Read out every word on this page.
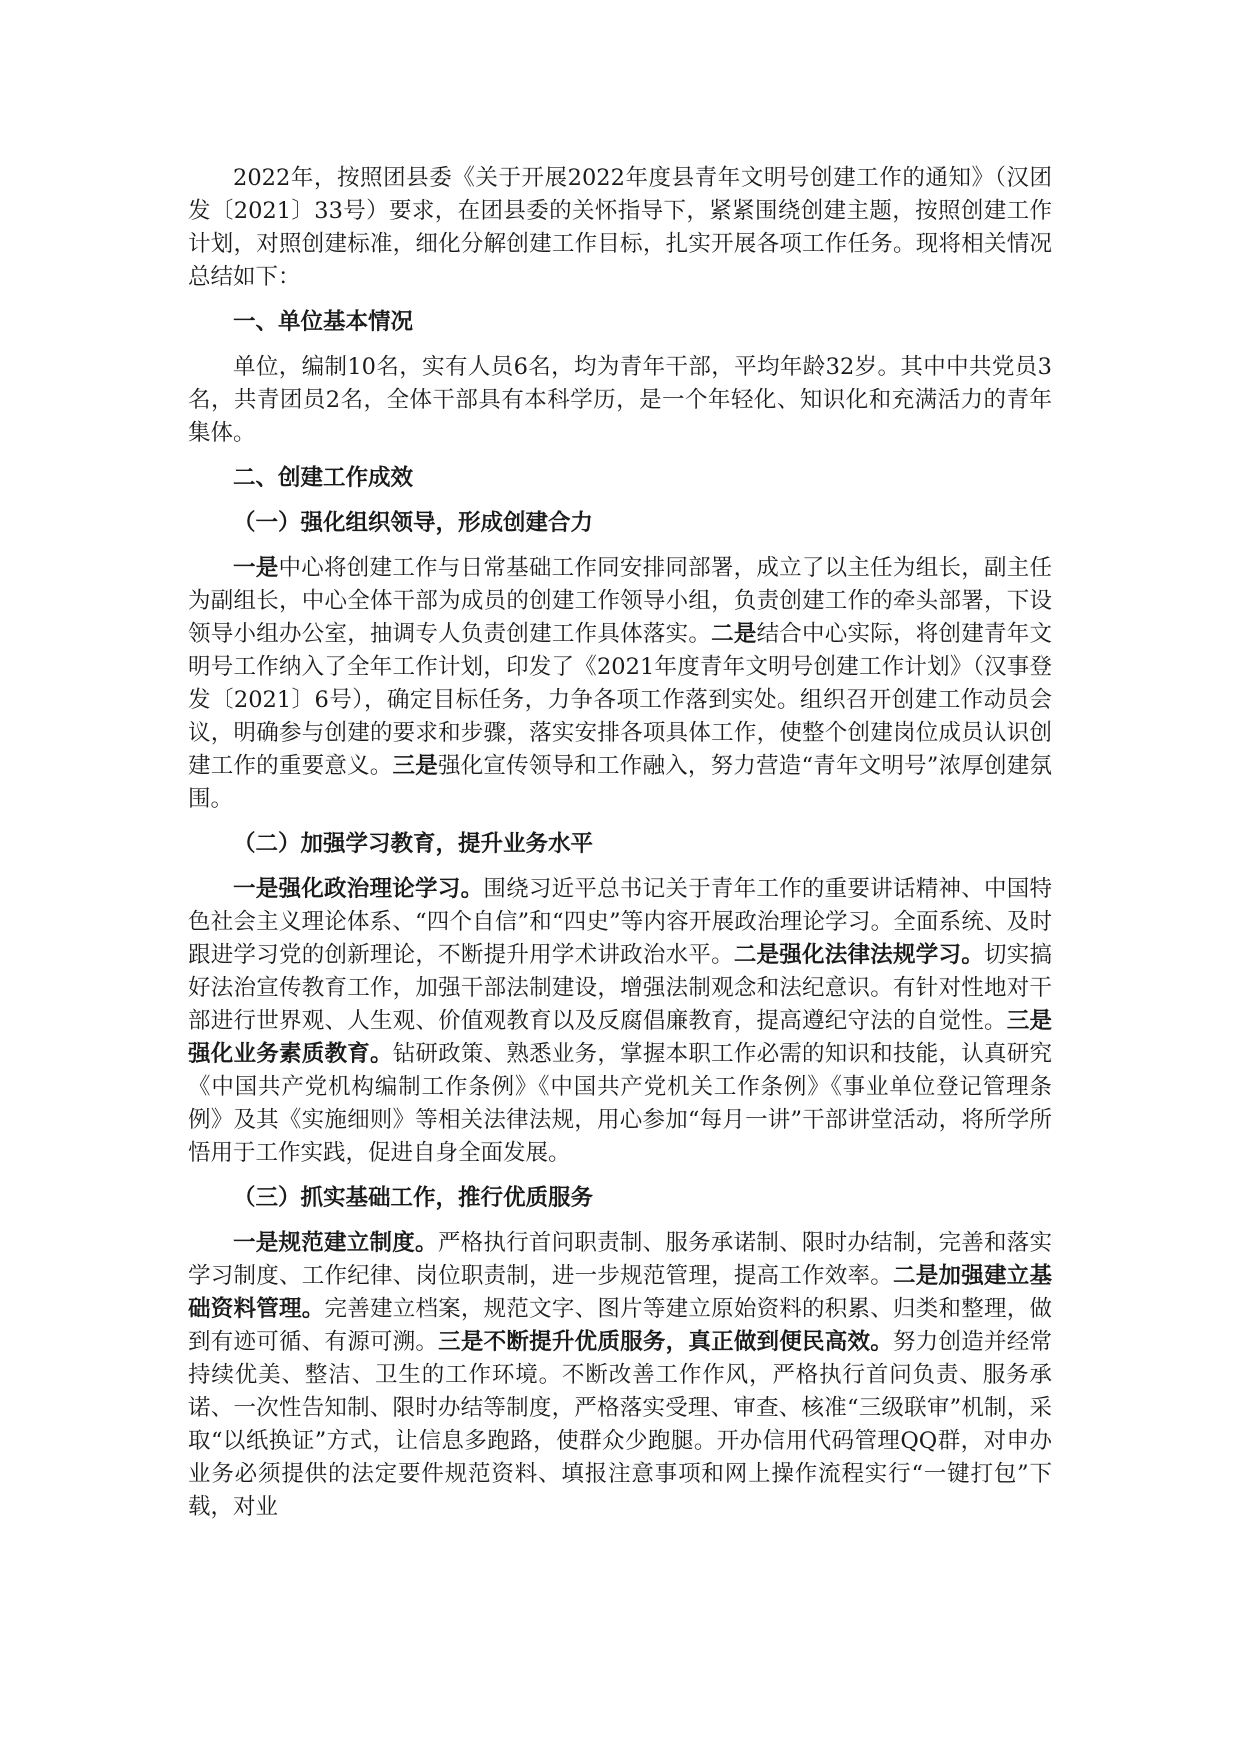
2022年，按照团县委《关于开展2022年度县青年文明号创建工作的通知》（汉团发〔2021〕33号）要求，在团县委的关怀指导下，紧紧围绕创建主题，按照创建工作计划，对照创建标准，细化分解创建工作目标，扎实开展各项工作任务。现将相关情况总结如下：

一、单位基本情况

单位，编制10名，实有人员6名，均为青年干部，平均年龄32岁。其中中共党员3名，共青团员2名，全体干部具有本科学历，是一个年轻化、知识化和充满活力的青年集体。

二、创建工作成效

（一）强化组织领导，形成创建合力

一是中心将创建工作与日常基础工作同安排同部署，成立了以主任为组长，副主任为副组长，中心全体干部为成员的创建工作领导小组，负责创建工作的牵头部署，下设领导小组办公室，抽调专人负责创建工作具体落实。二是结合中心实际，将创建青年文明号工作纳入了全年工作计划，印发了《2021年度青年文明号创建工作计划》（汉事登发〔2021〕6号），确定目标任务，力争各项工作落到实处。组织召开创建工作动员会议，明确参与创建的要求和步骤，落实安排各项具体工作，使整个创建岗位成员认识创建工作的重要意义。三是强化宣传领导和工作融入，努力营造“青年文明号”浓厚创建氛围。

（二）加强学习教育，提升业务水平

一是强化政治理论学习。围绕习近平总书记关于青年工作的重要讲话精神、中国特色社会主义理论体系、“四个自信”和“四史”等内容开展政治理论学习。全面系统、及时跟进学习党的创新理论，不断提升用学术讲政治水平。二是强化法律法规学习。切实搞好法治宣传教育工作，加强干部法制建设，增强法制观念和法纪意识。有针对性地对干部进行世界观、人生观、价值观教育以及反腐倡廉教育，提高遵纪守法的自觉性。三是强化业务素质教育。钻研政策、熟悉业务，掌握本职工作必需的知识和技能，认真研究《中国共产党机构编制工作条例》《中国共产党机关工作条例》《事业单位登记管理条例》及其《实施细则》等相关法律法规，用心参加“每月一讲”干部讲堂活动，将所学所悟用于工作实践，促进自身全面发展。

（三）抓实基础工作，推行优质服务

一是规范建立制度。严格执行首问职责制、服务承诺制、限时办结制，完善和落实学习制度、工作纪律、岗位职责制，进一步规范管理，提高工作效率。二是加强建立基础资料管理。完善建立档案，规范文字、图片等建立原始资料的积累、归类和整理，做到有迹可循、有源可溯。三是不断提升优质服务，真正做到便民高效。努力创造并经常持续优美、整洁、卫生的工作环境。不断改善工作作风，严格执行首问负责、服务承诺、一次性告知制、限时办结等制度，严格落实受理、审查、核准“三级联审”机制，采取“以纸换证”方式，让信息多跑路，使群众少跑腿。开办信用代码管理QQ群，对申办业务必须提供的法定要件规范资料、填报注意事项和网上操作流程实行“一键打包”下载，对业
